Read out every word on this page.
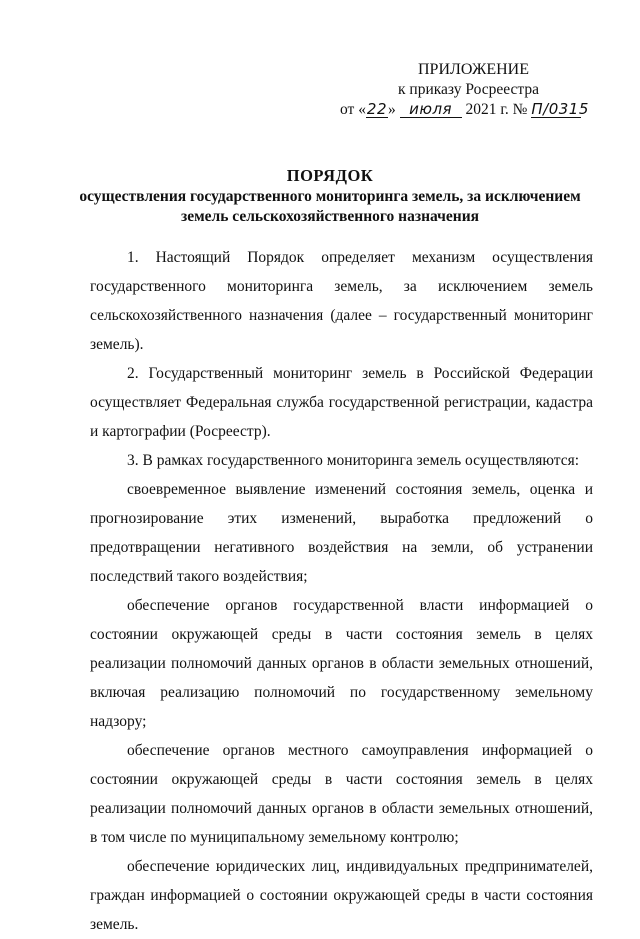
ПРИЛОЖЕНИЕ
к приказу Росреестра
от «22» июля 2021 г. № П/0315
ПОРЯДОК
осуществления государственного мониторинга земель, за исключением
земель сельскохозяйственного назначения

1. Настоящий Порядок определяет механизм осуществления государственного мониторинга земель, за исключением земель сельскохозяйственного назначения (далее – государственный мониторинг земель).

2. Государственный мониторинг земель в Российской Федерации осуществляет Федеральная служба государственной регистрации, кадастра и картографии (Росреестр).

3. В рамках государственного мониторинга земель осуществляются:

своевременное выявление изменений состояния земель, оценка и прогнозирование этих изменений, выработка предложений о предотвращении негативного воздействия на земли, об устранении последствий такого воздействия;

обеспечение органов государственной власти информацией о состоянии окружающей среды в части состояния земель в целях реализации полномочий данных органов в области земельных отношений, включая реализацию полномочий по государственному земельному надзору;

обеспечение органов местного самоуправления информацией о состоянии окружающей среды в части состояния земель в целях реализации полномочий данных органов в области земельных отношений, в том числе по муниципальному земельному контролю;

обеспечение юридических лиц, индивидуальных предпринимателей, граждан информацией о состоянии окружающей среды в части состояния земель.
